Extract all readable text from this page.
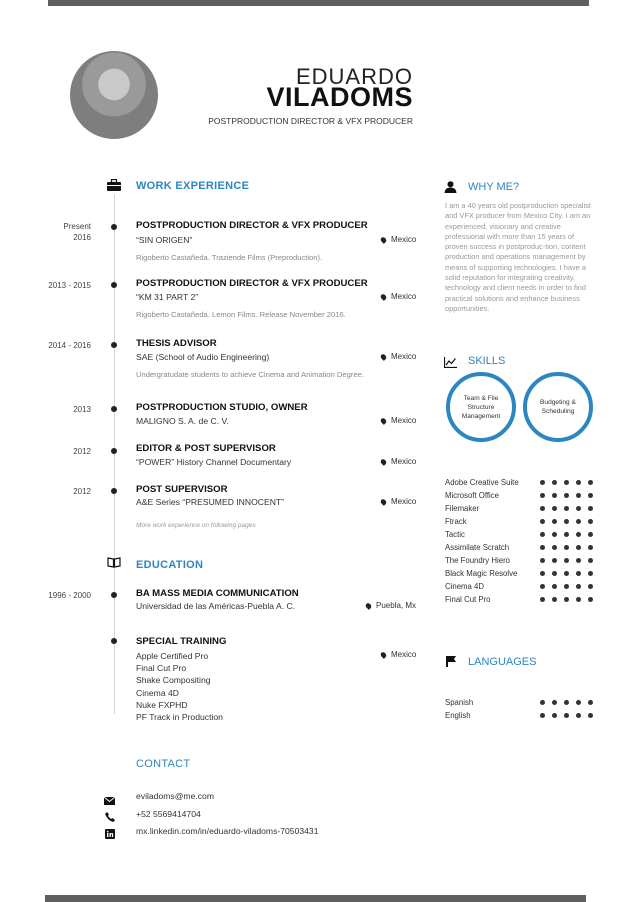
EDUARDO
VILADOMS
POSTPRODUCTION DIRECTOR & VFX PRODUCER
WORK EXPERIENCE
Present
2016
POSTPRODUCTION DIRECTOR & VFX PRODUCER
“SIN ORIGEN”	Mexico
Rigoberto Castañeda. Traziende Films (Preproduction).
2013 - 2015	POSTPRODUCTION DIRECTOR & VFX PRODUCER
“KM 31 PART 2”	Mexico
Rigoberto Castañeda. Lemon Films. Release November 2016.
2014 - 2016	THESIS ADVISOR
SAE (School of Audio Engineering)	Mexico
Undergratudate students to achieve Cinema and Animation Degree.
2013	POSTPRODUCTION STUDIO, OWNER
MALIGNO S. A. de C. V.	Mexico
2012	EDITOR & POST SUPERVISOR
“POWER” History Channel Documentary	Mexico
2012	POST SUPERVISOR
A&E Series “PRESUMED INNOCENT”	Mexico
More work experience on following pages
EDUCATION
1996 - 2000	BA MASS MEDIA COMMUNICATION
Universidad de las Américas-Puebla A. C.	Puebla, Mx
SPECIAL TRAINING
Mexico
Apple Certified Pro
Final Cut Pro
Shake Compositing
Cinema 4D
Nuke FXPHD
PF Track in Production
CONTACT
eviladoms@me.com
+52 5569414704
mx.linkedin.com/in/eduardo-viladoms-70503431
WHY ME?
I am a 40 years old postproduction specialist and VFX producer from Mexico City. I am an experienced, visionary and creative professional with more than 15 years of proven success in postproduc-tion, content production and operations management by means of supporting technologies. I have a solid reputation for integrating creativity, technology and client needs in order to find practical solutions and enhance business opportunities.
SKILLS
Team & File Structure Management
Budgeting & Scheduling
Adobe Creative Suite
Microsoft Office
Filemaker
Ftrack
Tactic
Assimilate Scratch
The Foundry Hiero
Black Magic Resolve
Cinema 4D
Final Cut Pro
LANGUAGES
Spanish
English
